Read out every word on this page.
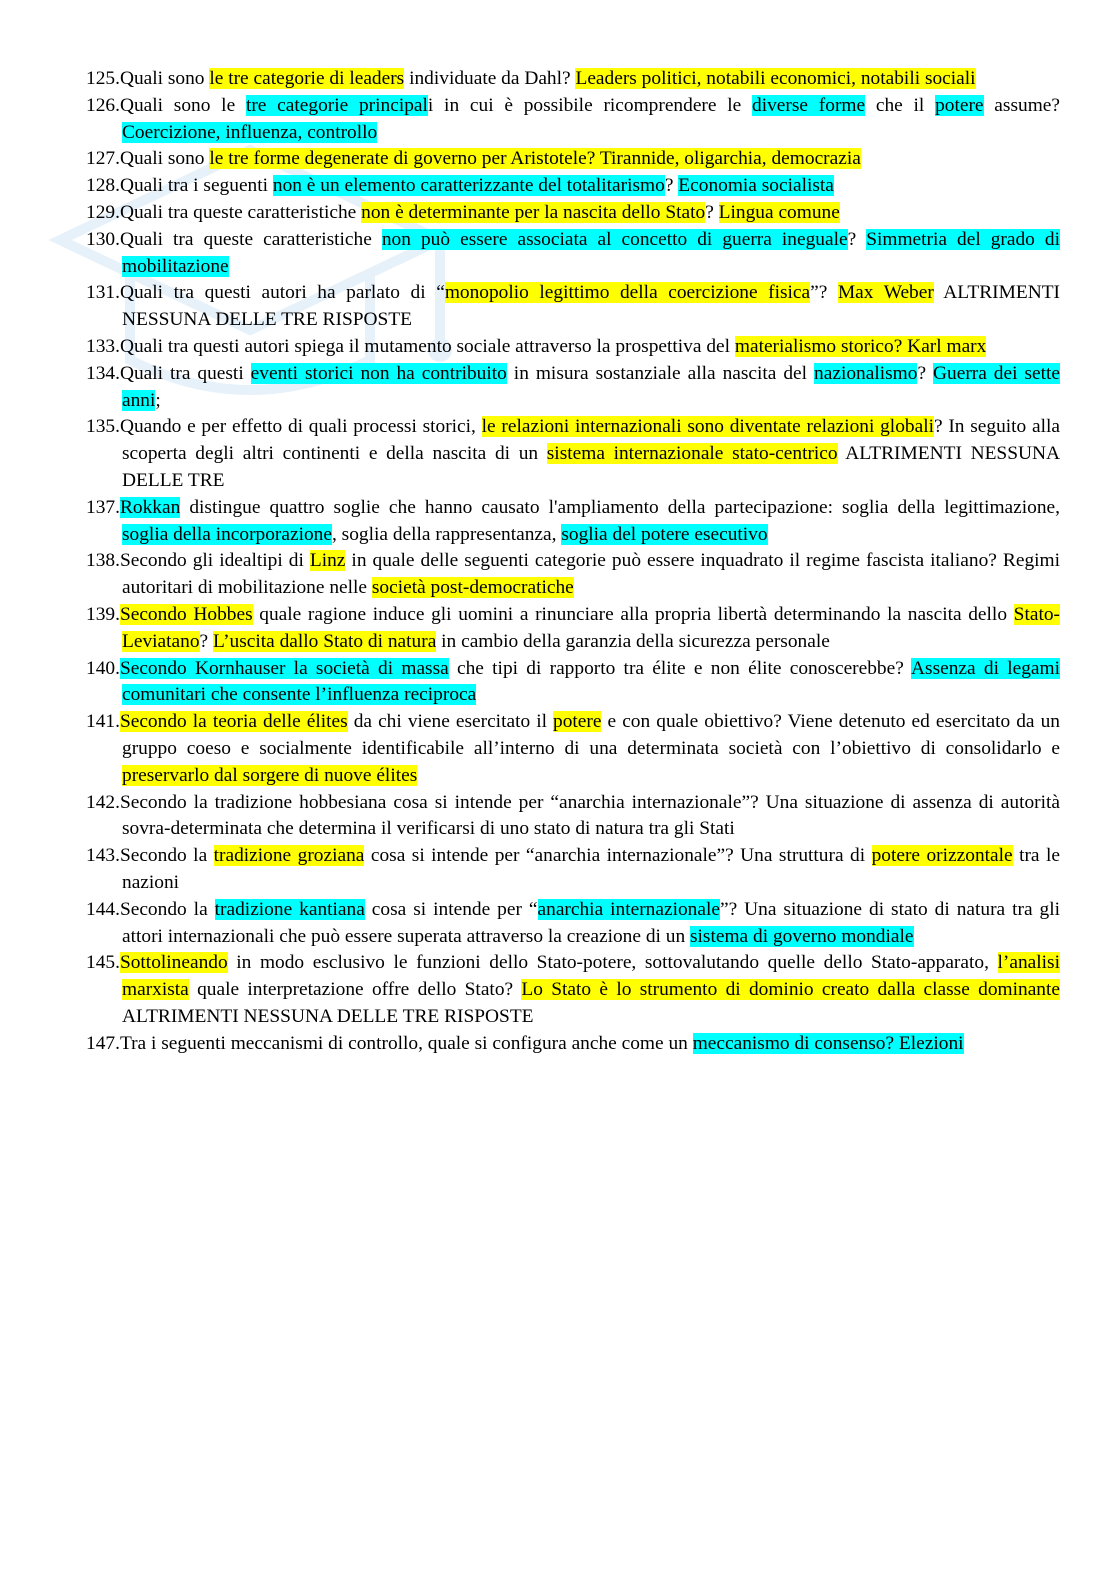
125.Quali sono le tre categorie di leaders individuate da Dahl? Leaders politici, notabili economici, notabili sociali

126.Quali sono le tre categorie principali in cui è possibile ricomprendere le diverse forme che il potere assume? Coercizione, influenza, controllo

127.Quali sono le tre forme degenerate di governo per Aristotele? Tirannide, oligarchia, democrazia

128.Quali tra i seguenti non è un elemento caratterizzante del totalitarismo? Economia socialista

129.Quali tra queste caratteristiche non è determinante per la nascita dello Stato? Lingua comune

130.Quali tra queste caratteristiche non può essere associata al concetto di guerra ineguale? Simmetria del grado di mobilitazione

131.Quali tra questi autori ha parlato di “monopolio legittimo della coercizione fisica”? Max Weber ALTRIMENTI NESSUNA DELLE TRE RISPOSTE

133.Quali tra questi autori spiega il mutamento sociale attraverso la prospettiva del materialismo storico? Karl marx

134.Quali tra questi eventi storici non ha contribuito in misura sostanziale alla nascita del nazionalismo? Guerra dei sette anni;

135.Quando e per effetto di quali processi storici, le relazioni internazionali sono diventate relazioni globali? In seguito alla scoperta degli altri continenti e della nascita di un sistema internazionale stato-centrico ALTRIMENTI NESSUNA DELLE TRE

137.Rokkan distingue quattro soglie che hanno causato l'ampliamento della partecipazione: soglia della legittimazione, soglia della incorporazione, soglia della rappresentanza, soglia del potere esecutivo

138.Secondo gli idealtipi di Linz in quale delle seguenti categorie può essere inquadrato il regime fascista italiano? Regimi autoritari di mobilitazione nelle società post-democratiche

139.Secondo Hobbes quale ragione induce gli uomini a rinunciare alla propria libertà determinando la nascita dello Stato-Leviatano? L’uscita dallo Stato di natura in cambio della garanzia della sicurezza personale

140.Secondo Kornhauser la società di massa che tipi di rapporto tra élite e non élite conoscerebbe? Assenza di legami comunitari che consente l’influenza reciproca

141.Secondo la teoria delle élites da chi viene esercitato il potere e con quale obiettivo? Viene detenuto ed esercitato da un gruppo coeso e socialmente identificabile all’interno di una determinata società con l’obiettivo di consolidarlo e preservarlo dal sorgere di nuove élites

142.Secondo la tradizione hobbesiana cosa si intende per “anarchia internazionale”? Una situazione di assenza di autorità sovra-determinata che determina il verificarsi di uno stato di natura tra gli Stati

143.Secondo la tradizione groziana cosa si intende per “anarchia internazionale”? Una struttura di potere orizzontale tra le nazioni

144.Secondo la tradizione kantiana cosa si intende per “anarchia internazionale”? Una situazione di stato di natura tra gli attori internazionali che può essere superata attraverso la creazione di un sistema di governo mondiale

145.Sottolineando in modo esclusivo le funzioni dello Stato-potere, sottovalutando quelle dello Stato-apparato, l’analisi marxista quale interpretazione offre dello Stato? Lo Stato è lo strumento di dominio creato dalla classe dominante ALTRIMENTI NESSUNA DELLE TRE RISPOSTE

147.Tra i seguenti meccanismi di controllo, quale si configura anche come un meccanismo di consenso? Elezioni
